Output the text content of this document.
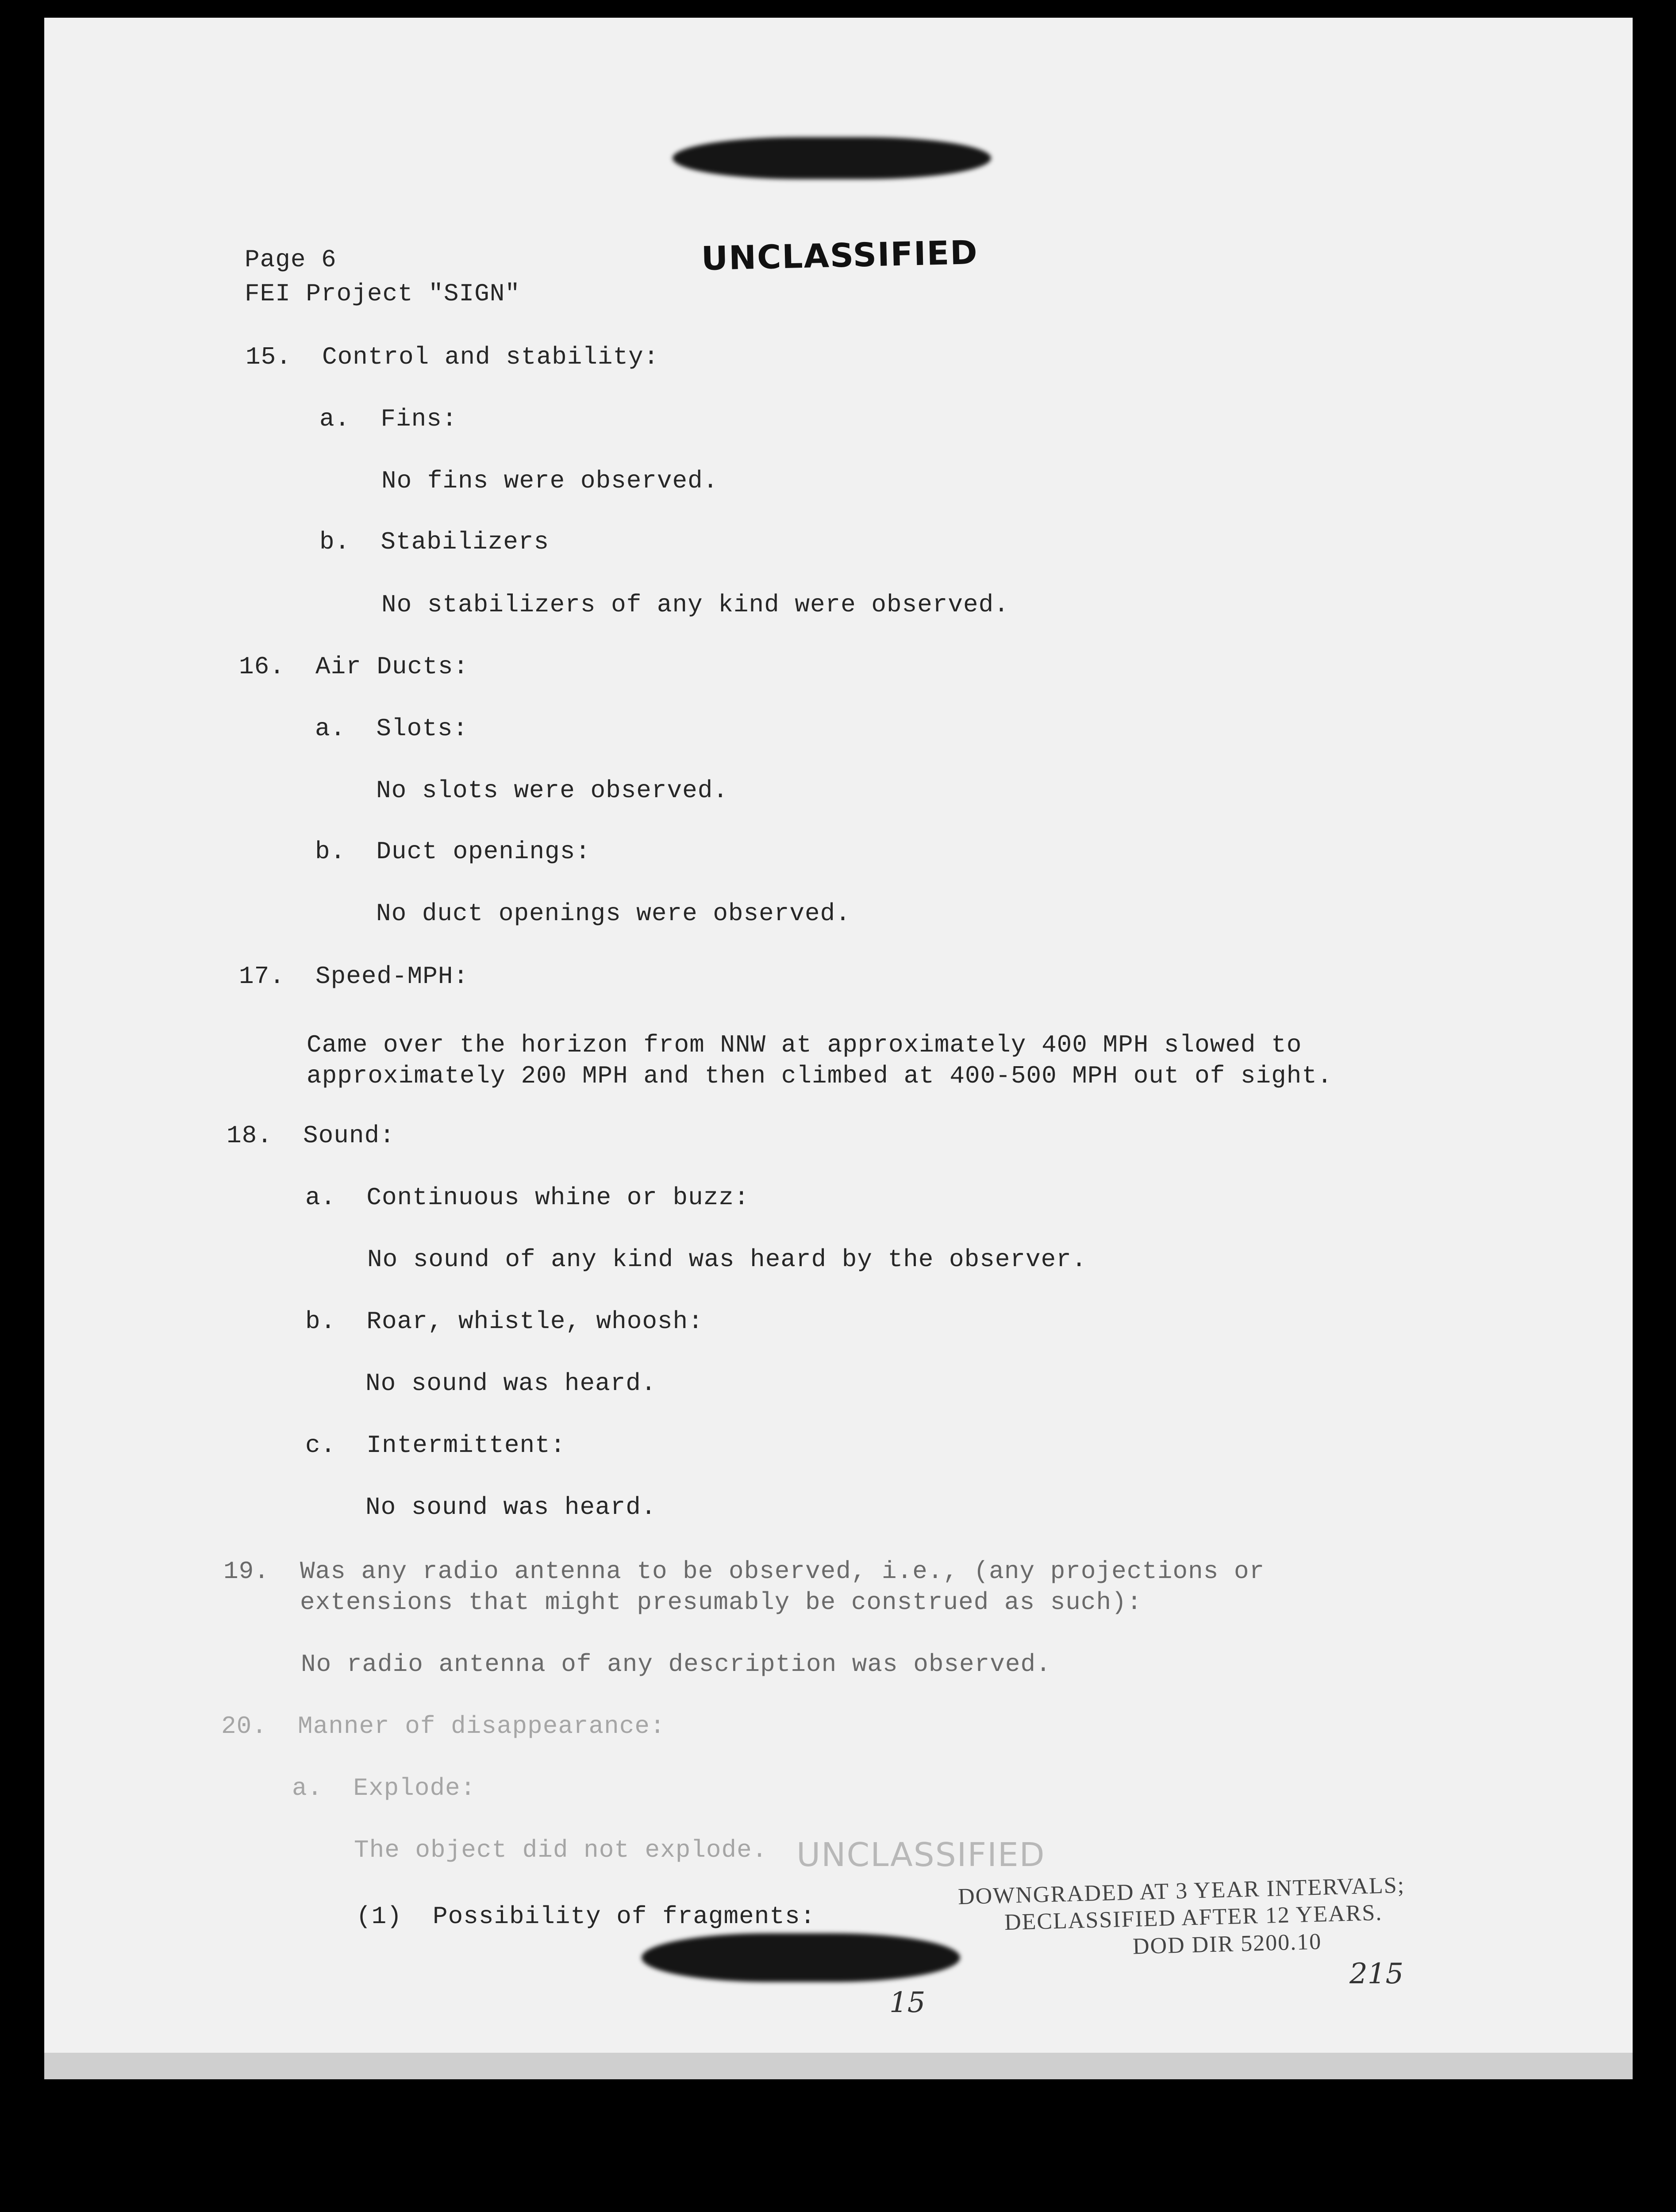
Page 6
FEI Project "SIGN"
UNCLASSIFIED
15.  Control and stability:
a.  Fins:
No fins were observed.
b.  Stabilizers
No stabilizers of any kind were observed.
16.  Air Ducts:
a.  Slots:
No slots were observed.
b.  Duct openings:
No duct openings were observed.
17.  Speed-MPH:
Came over the horizon from NNW at approximately 400 MPH slowed to
approximately 200 MPH and then climbed at 400-500 MPH out of sight.
18.  Sound:
a.  Continuous whine or buzz:
No sound of any kind was heard by the observer.
b.  Roar, whistle, whoosh:
No sound was heard.
c.  Intermittent:
No sound was heard.
19.  Was any radio antenna to be observed, i.e., (any projections or
extensions that might presumably be construed as such):
No radio antenna of any description was observed.
20.  Manner of disappearance:
a.  Explode:
The object did not explode.
(1)  Possibility of fragments:
UNCLASSIFIED
DOWNGRADED AT 3 YEAR INTERVALS;
DECLASSIFIED AFTER 12 YEARS.
DOD DIR 5200.10
215
15
